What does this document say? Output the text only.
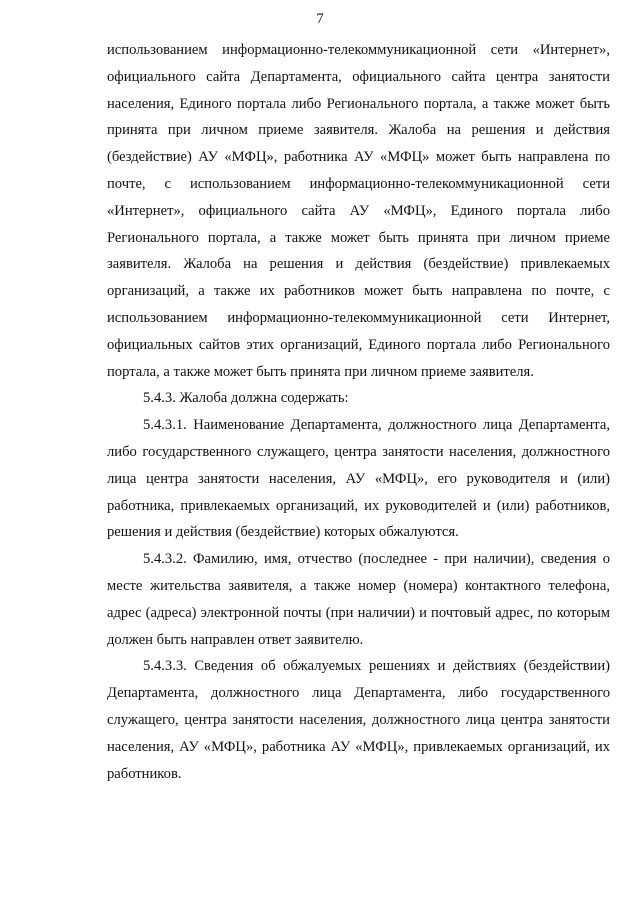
7

использованием информационно-телекоммуникационной сети «Интернет», официального сайта Департамента, официального сайта центра занятости населения, Единого портала либо Регионального портала, а также может быть принята при личном приеме заявителя. Жалоба на решения и действия (бездействие) АУ «МФЦ», работника АУ «МФЦ» может быть направлена по почте, с использованием информационно-телекоммуникационной сети «Интернет», официального сайта АУ «МФЦ», Единого портала либо Регионального портала, а также может быть принята при личном приеме заявителя. Жалоба на решения и действия (бездействие) привлекаемых организаций, а также их работников может быть направлена по почте, с использованием информационно-телекоммуникационной сети Интернет, официальных сайтов этих организаций, Единого портала либо Регионального портала, а также может быть принята при личном приеме заявителя.

5.4.3. Жалоба должна содержать:

5.4.3.1. Наименование Департамента, должностного лица Департамента, либо государственного служащего, центра занятости населения, должностного лица центра занятости населения, АУ «МФЦ», его руководителя и (или) работника, привлекаемых организаций, их руководителей и (или) работников, решения и действия (бездействие) которых обжалуются.

5.4.3.2. Фамилию, имя, отчество (последнее - при наличии), сведения о месте жительства заявителя, а также номер (номера) контактного телефона, адрес (адреса) электронной почты (при наличии) и почтовый адрес, по которым должен быть направлен ответ заявителю.

5.4.3.3. Сведения об обжалуемых решениях и действиях (бездействии) Департамента, должностного лица Департамента, либо государственного служащего, центра занятости населения, должностного лица центра занятости населения, АУ «МФЦ», работника АУ «МФЦ», привлекаемых организаций, их работников.
